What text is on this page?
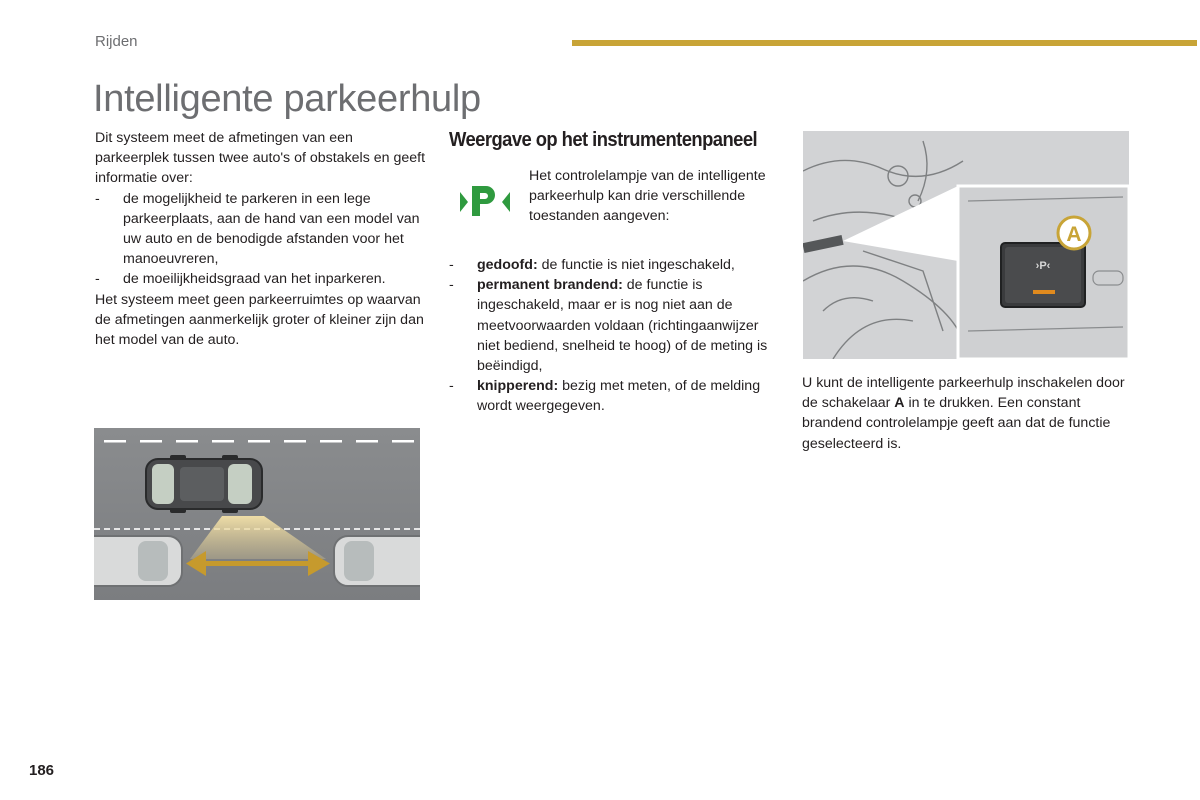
Rijden
Intelligente parkeerhulp

Dit systeem meet de afmetingen van een parkeerplek tussen twee auto's of obstakels en geeft informatie over:

- de mogelijkheid te parkeren in een lege parkeerplaats, aan de hand van een model van uw auto en de benodigde afstanden voor het manoeuvreren,
- de moeilijkheidsgraad van het inparkeren.

Het systeem meet geen parkeerruimtes op waarvan de afmetingen aanmerkelijk groter of kleiner zijn dan het model van de auto.

Weergave op het instrumentenpaneel

Het controlelampje van de intelligente parkeerhulp kan drie verschillende toestanden aangeven:

- gedoofd: de functie is niet ingeschakeld,
- permanent brandend: de functie is ingeschakeld, maar er is nog niet aan de meetvoorwaarden voldaan (richtingaanwijzer niet bediend, snelheid te hoog) of de meting is beëindigd,
- knipperend: bezig met meten, of de melding wordt weergegeven.
›P‹
A

U kunt de intelligente parkeerhulp inschakelen door de schakelaar A in te drukken. Een constant brandend controlelampje geeft aan dat de functie geselecteerd is.

186
